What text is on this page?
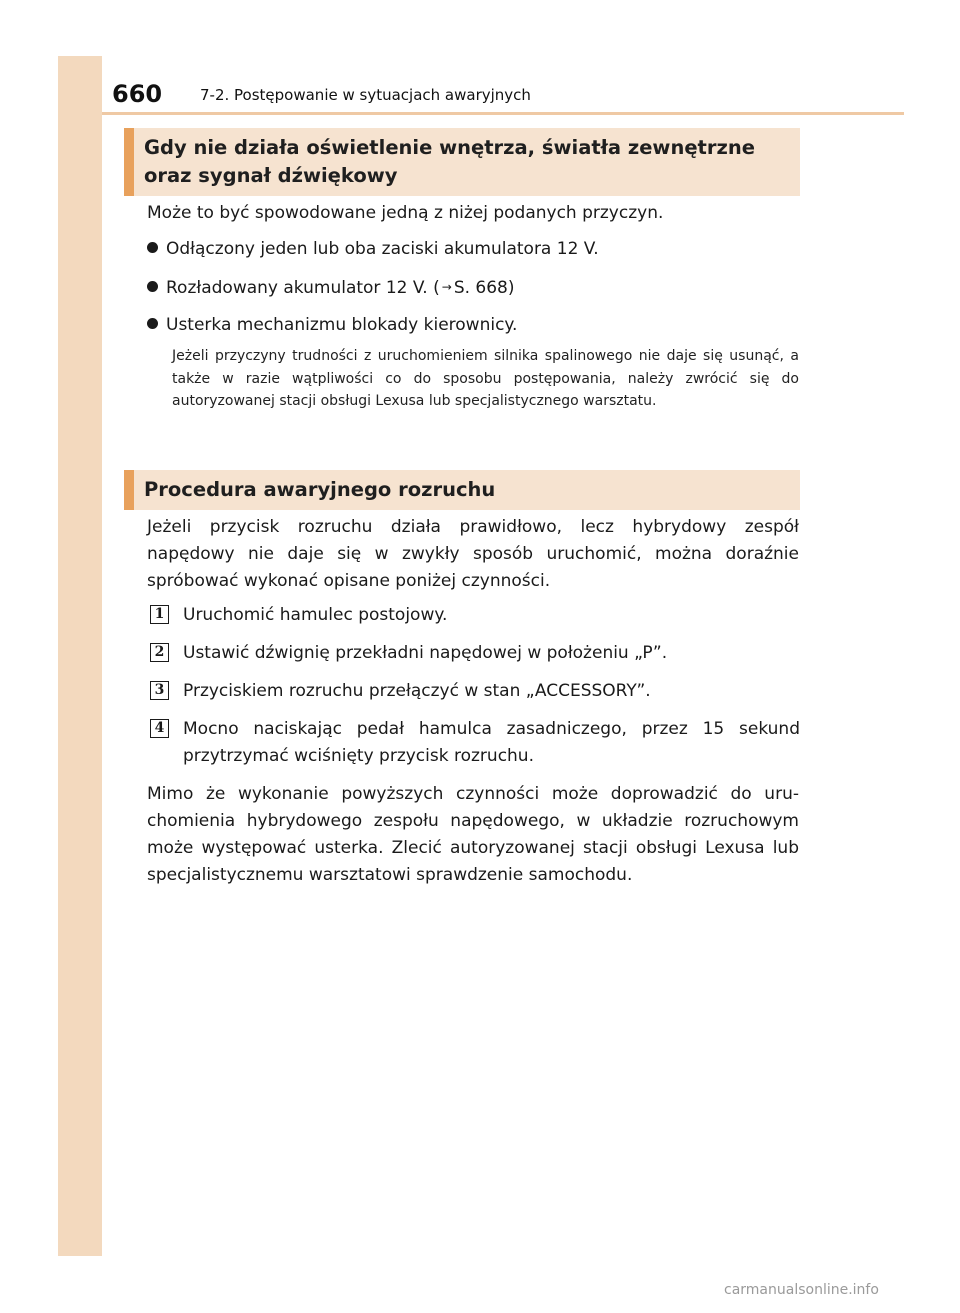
660	7-2. Postępowanie w sytuacjach awaryjnych
Gdy nie działa oświetlenie wnętrza, światła zewnętrzne oraz sygnał dźwiękowy
Może to być spowodowane jedną z niżej podanych przyczyn.
Odłączony jeden lub oba zaciski akumulatora 12 V.
Rozładowany akumulator 12 V. ( → S. 668)
Usterka mechanizmu blokady kierownicy.
Jeżeli przyczyny trudności z uruchomieniem silnika spalinowego nie daje się usunąć, a także w razie wątpliwości co do sposobu postępowania, należy zwrócić się do autoryzowanej stacji obsługi Lexusa lub specjalistycznego warsztatu.
Procedura awaryjnego rozruchu
Jeżeli przycisk rozruchu działa prawidłowo, lecz hybrydowy zespół napędowy nie daje się w zwykły sposób uruchomić, można doraźnie spróbować wykonać opisane poniżej czynności.
1 Uruchomić hamulec postojowy.
2 Ustawić dźwignię przekładni napędowej w położeniu „P”.
3 Przyciskiem rozruchu przełączyć w stan „ACCESSORY”.
4 Mocno naciskając pedał hamulca zasadniczego, przez 15 sekund przytrzymać wciśnięty przycisk rozruchu.
Mimo że wykonanie powyższych czynności może doprowadzić do uruchomienia hybrydowego zespołu napędowego, w układzie rozruchowym może występować usterka. Zlecić autoryzowanej stacji obsługi Lexusa lub specjalistycznemu warsztatowi sprawdzenie samochodu.
carmanualsonline.info
